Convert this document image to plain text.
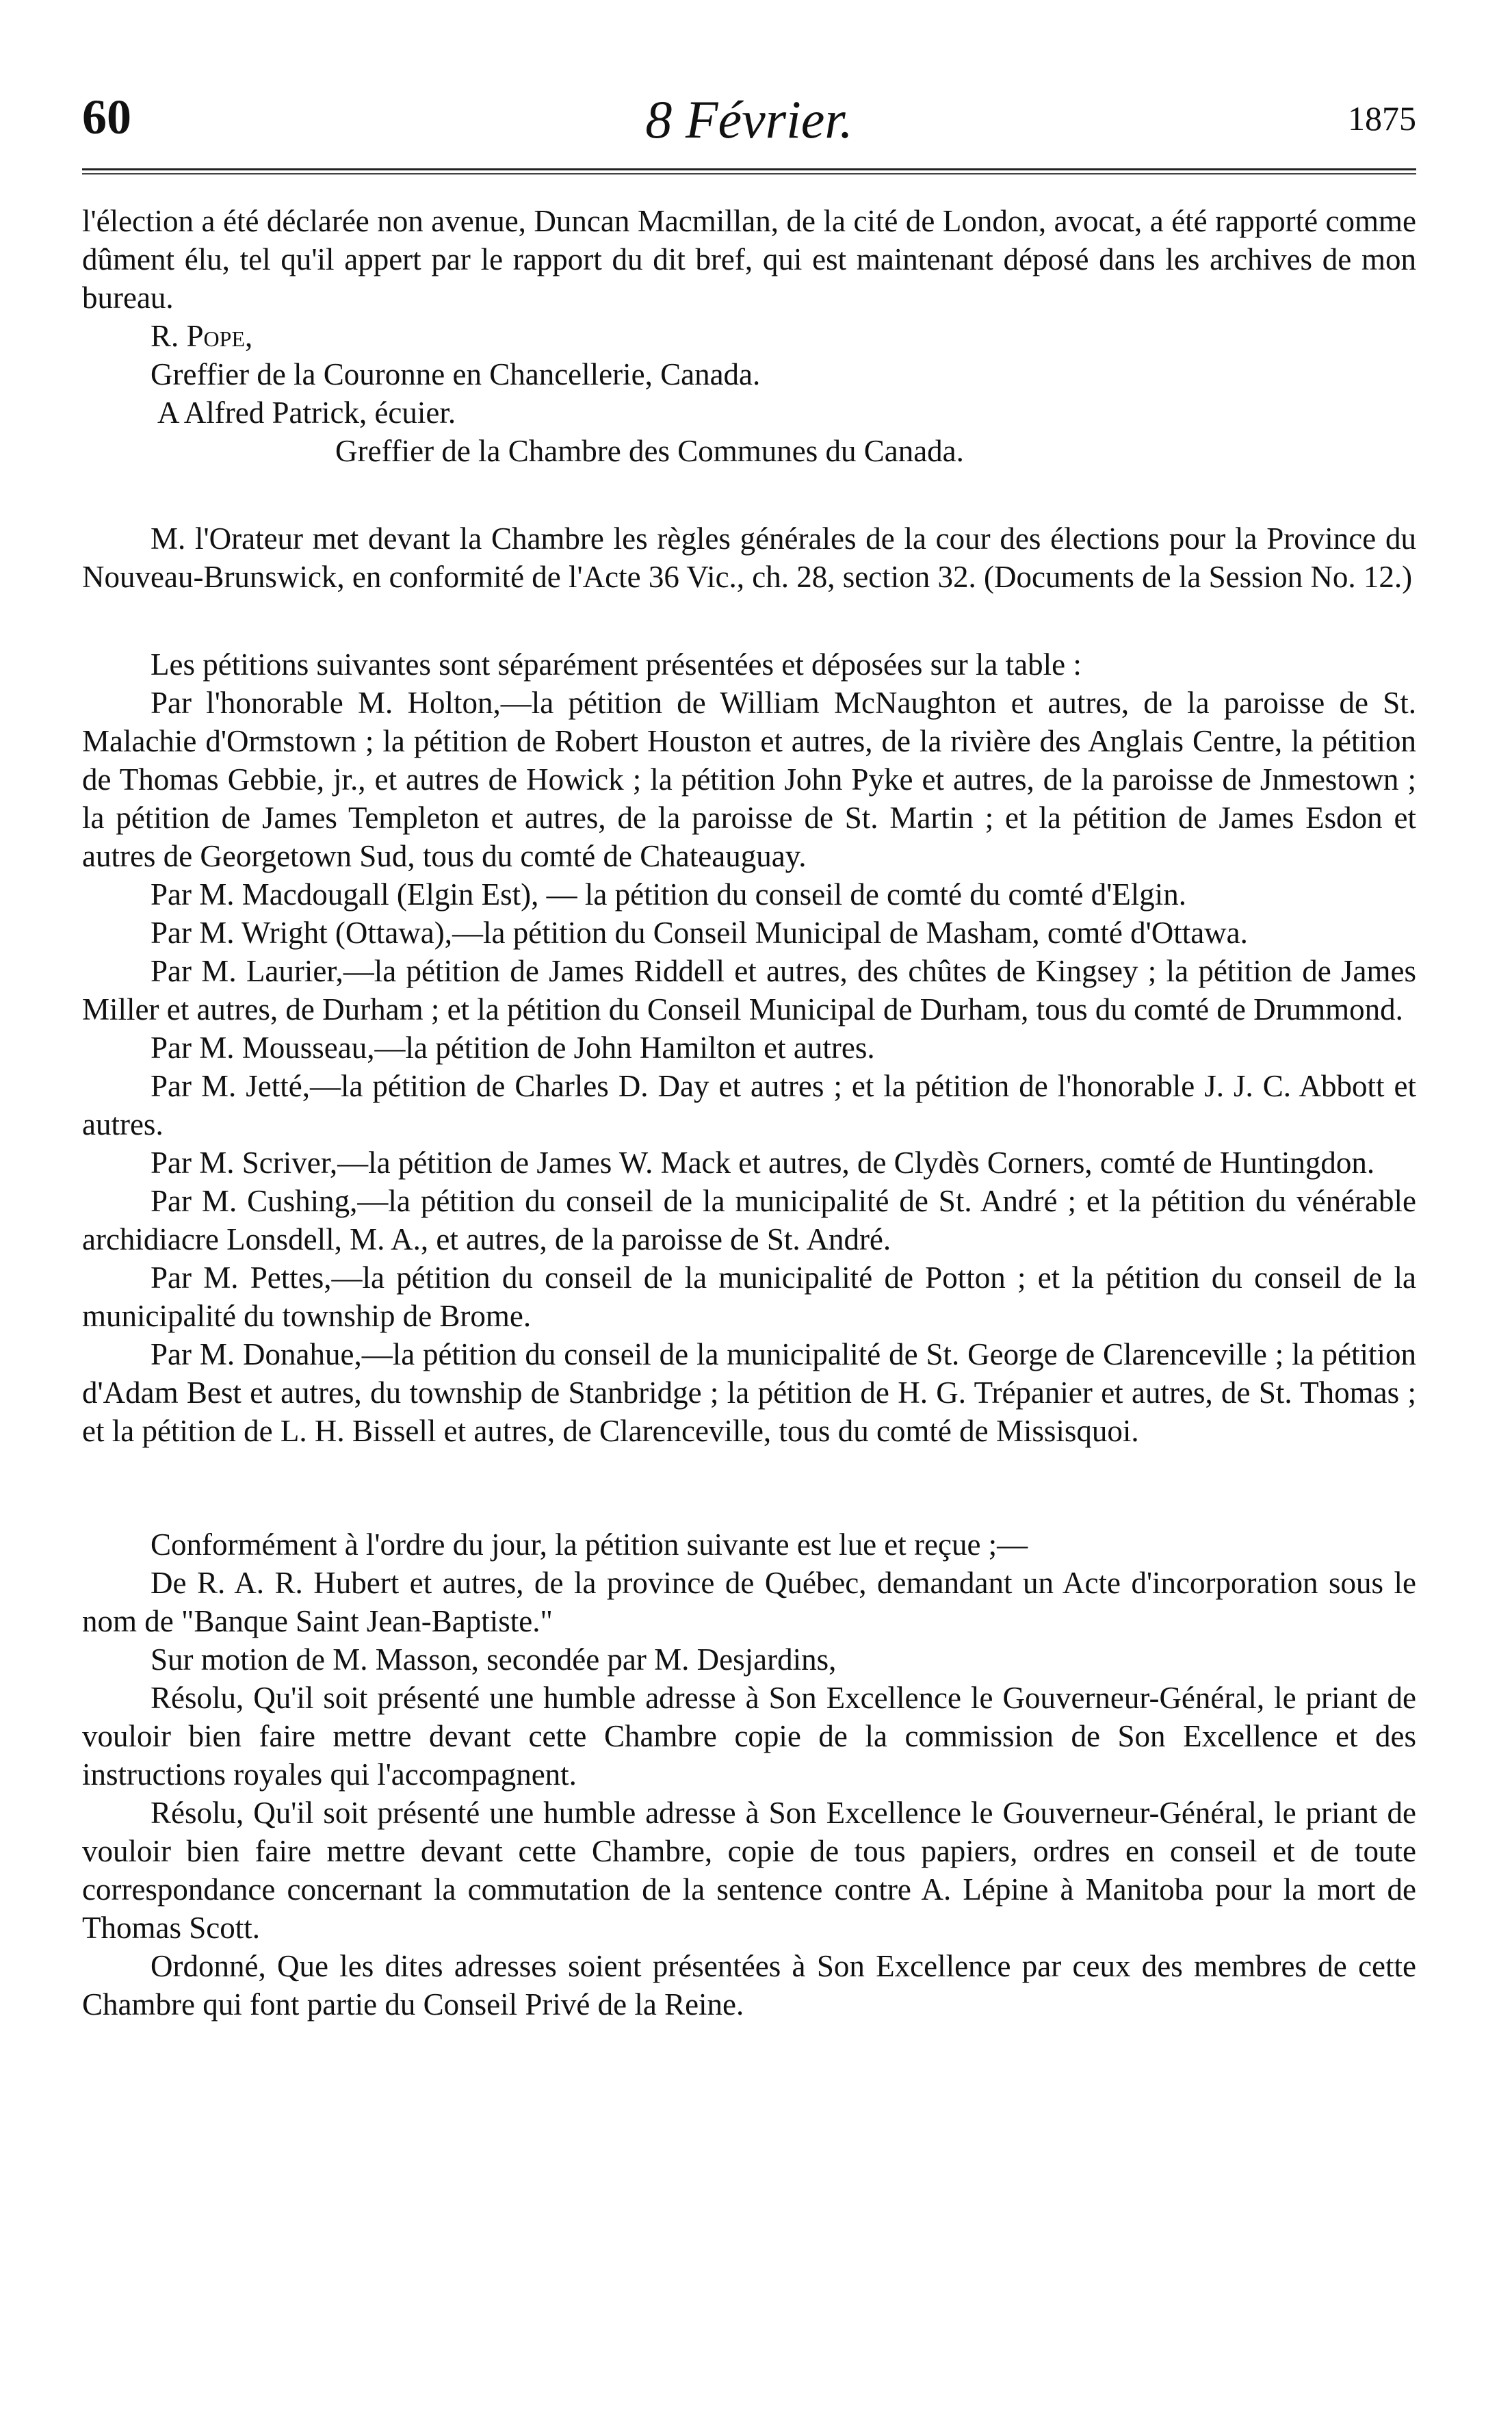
60	8 Février.	1875

l'élection a été déclarée non avenue, Duncan Macmillan, de la cité de London, avocat, a été rapporté comme dûment élu, tel qu'il appert par le rapport du dit bref, qui est maintenant déposé dans les archives de mon bureau.

R. Pope,

Greffier de la Couronne en Chancellerie, Canada.

A Alfred Patrick, écuier.

Greffier de la Chambre des Communes du Canada.

M. l'Orateur met devant la Chambre les règles générales de la cour des élections pour la Province du Nouveau-Brunswick, en conformité de l'Acte 36 Vic., ch. 28, section 32. (Documents de la Session No. 12.)

Les pétitions suivantes sont séparément présentées et déposées sur la table :

Par l'honorable M. Holton,—la pétition de William McNaughton et autres, de la paroisse de St. Malachie d'Ormstown ; la pétition de Robert Houston et autres, de la rivière des Anglais Centre, la pétition de Thomas Gebbie, jr., et autres de Howick ; la pétition John Pyke et autres, de la paroisse de Jnmestown ; la pétition de James Templeton et autres, de la paroisse de St. Martin ; et la pétition de James Esdon et autres de Georgetown Sud, tous du comté de Chateauguay.

Par M. Macdougall (Elgin Est), — la pétition du conseil de comté du comté d'Elgin.

Par M. Wright (Ottawa),—la pétition du Conseil Municipal de Masham, comté d'Ottawa.

Par M. Laurier,—la pétition de James Riddell et autres, des chûtes de Kingsey ; la pétition de James Miller et autres, de Durham ; et la pétition du Conseil Municipal de Durham, tous du comté de Drummond.

Par M. Mousseau,—la pétition de John Hamilton et autres.

Par M. Jetté,—la pétition de Charles D. Day et autres ; et la pétition de l'honorable J. J. C. Abbott et autres.

Par M. Scriver,—la pétition de James W. Mack et autres, de Clydès Corners, comté de Huntingdon.

Par M. Cushing,—la pétition du conseil de la municipalité de St. André ; et la pétition du vénérable archidiacre Lonsdell, M. A., et autres, de la paroisse de St. André.

Par M. Pettes,—la pétition du conseil de la municipalité de Potton ; et la pétition du conseil de la municipalité du township de Brome.

Par M. Donahue,—la pétition du conseil de la municipalité de St. George de Clarenceville ; la pétition d'Adam Best et autres, du township de Stanbridge ; la pétition de H. G. Trépanier et autres, de St. Thomas ; et la pétition de L. H. Bissell et autres, de Clarenceville, tous du comté de Missisquoi.

Conformément à l'ordre du jour, la pétition suivante est lue et reçue ;—

De R. A. R. Hubert et autres, de la province de Québec, demandant un Acte d'incorporation sous le nom de "Banque Saint Jean-Baptiste."

Sur motion de M. Masson, secondée par M. Desjardins,

Résolu, Qu'il soit présenté une humble adresse à Son Excellence le Gouverneur-Général, le priant de vouloir bien faire mettre devant cette Chambre copie de la commission de Son Excellence et des instructions royales qui l'accompagnent.

Résolu, Qu'il soit présenté une humble adresse à Son Excellence le Gouverneur-Général, le priant de vouloir bien faire mettre devant cette Chambre, copie de tous papiers, ordres en conseil et de toute correspondance concernant la commutation de la sentence contre A. Lépine à Manitoba pour la mort de Thomas Scott.

Ordonné, Que les dites adresses soient présentées à Son Excellence par ceux des membres de cette Chambre qui font partie du Conseil Privé de la Reine.
